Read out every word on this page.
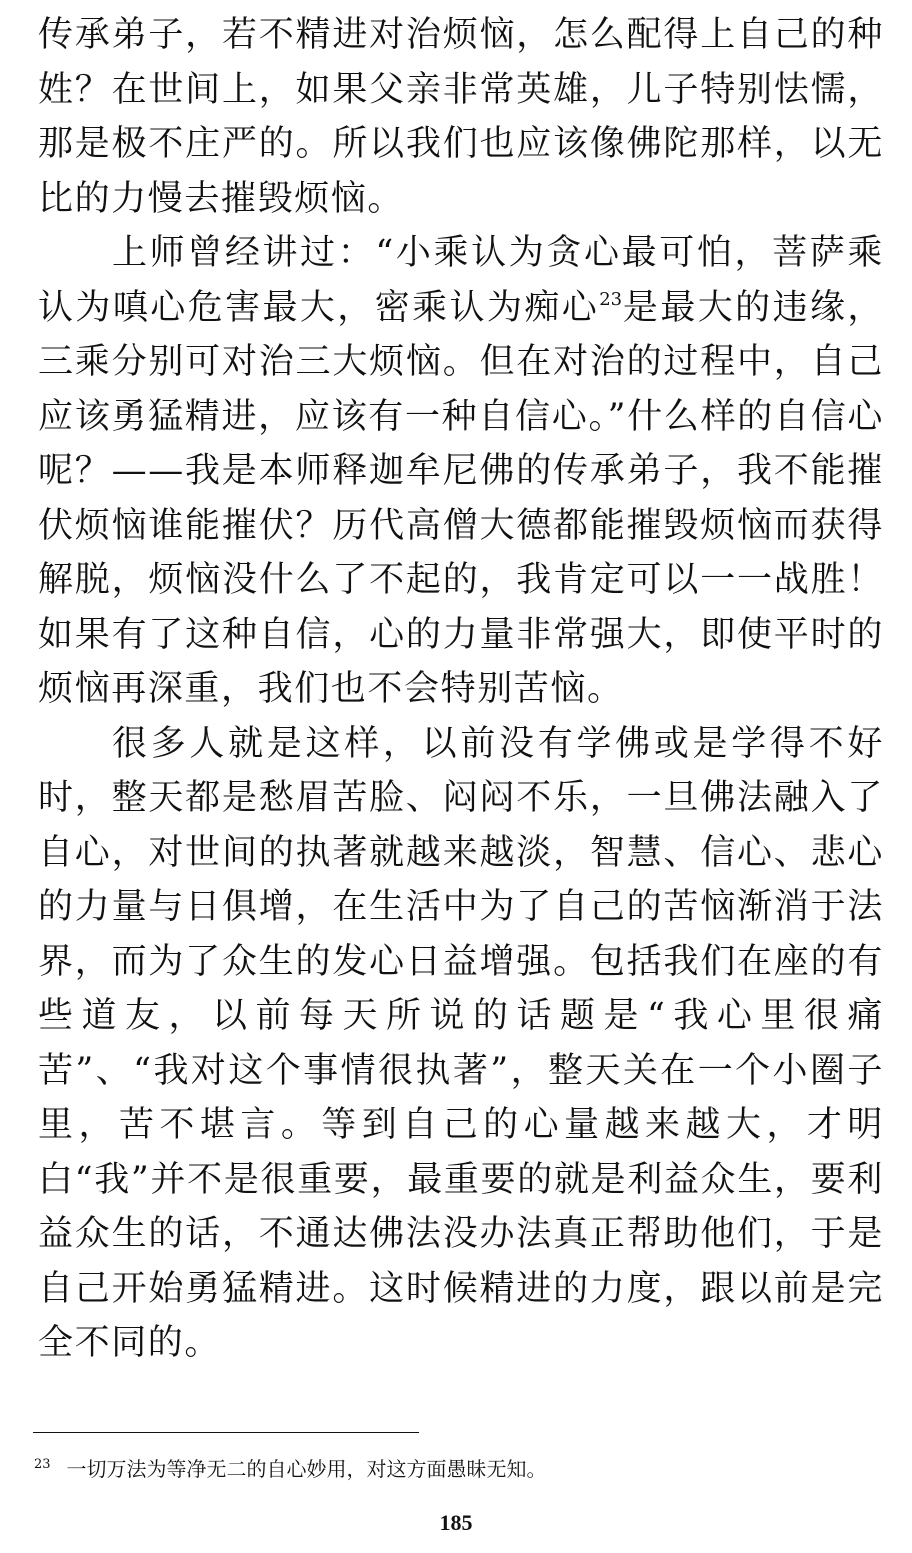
传承弟子，若不精进对治烦恼，怎么配得上自己的种姓？在世间上，如果父亲非常英雄，儿子特别怯懦，那是极不庄严的。所以我们也应该像佛陀那样，以无比的力慢去摧毁烦恼。

上师曾经讲过：“小乘认为贪心最可怕，菩萨乘认为嗔心危害最大，密乘认为痴心$^{23}$是最大的违缘，三乘分别可对治三大烦恼。但在对治的过程中，自己应该勇猛精进，应该有一种自信心。”什么样的自信心呢？——我是本师释迦牟尼佛的传承弟子，我不能摧伏烦恼谁能摧伏？历代高僧大德都能摧毁烦恼而获得解脱，烦恼没什么了不起的，我肯定可以一一战胜！如果有了这种自信，心的力量非常强大，即使平时的烦恼再深重，我们也不会特别苦恼。

很多人就是这样，以前没有学佛或是学得不好时，整天都是愁眉苦脸、闷闷不乐，一旦佛法融入了自心，对世间的执著就越来越淡，智慧、信心、悲心的力量与日俱增，在生活中为了自己的苦恼渐消于法界，而为了众生的发心日益增强。包括我们在座的有些道友，以前每天所说的话题是“我心里很痛苦”、“我对这个事情很执著”，整天关在一个小圈子里，苦不堪言。等到自己的心量越来越大，才明白“我”并不是很重要，最重要的就是利益众生，要利益众生的话，不通达佛法没办法真正帮助他们，于是自己开始勇猛精进。这时候精进的力度，跟以前是完全不同的。

$^{23}$ 一切万法为等净无二的自心妙用，对这方面愚昧无知。
185
